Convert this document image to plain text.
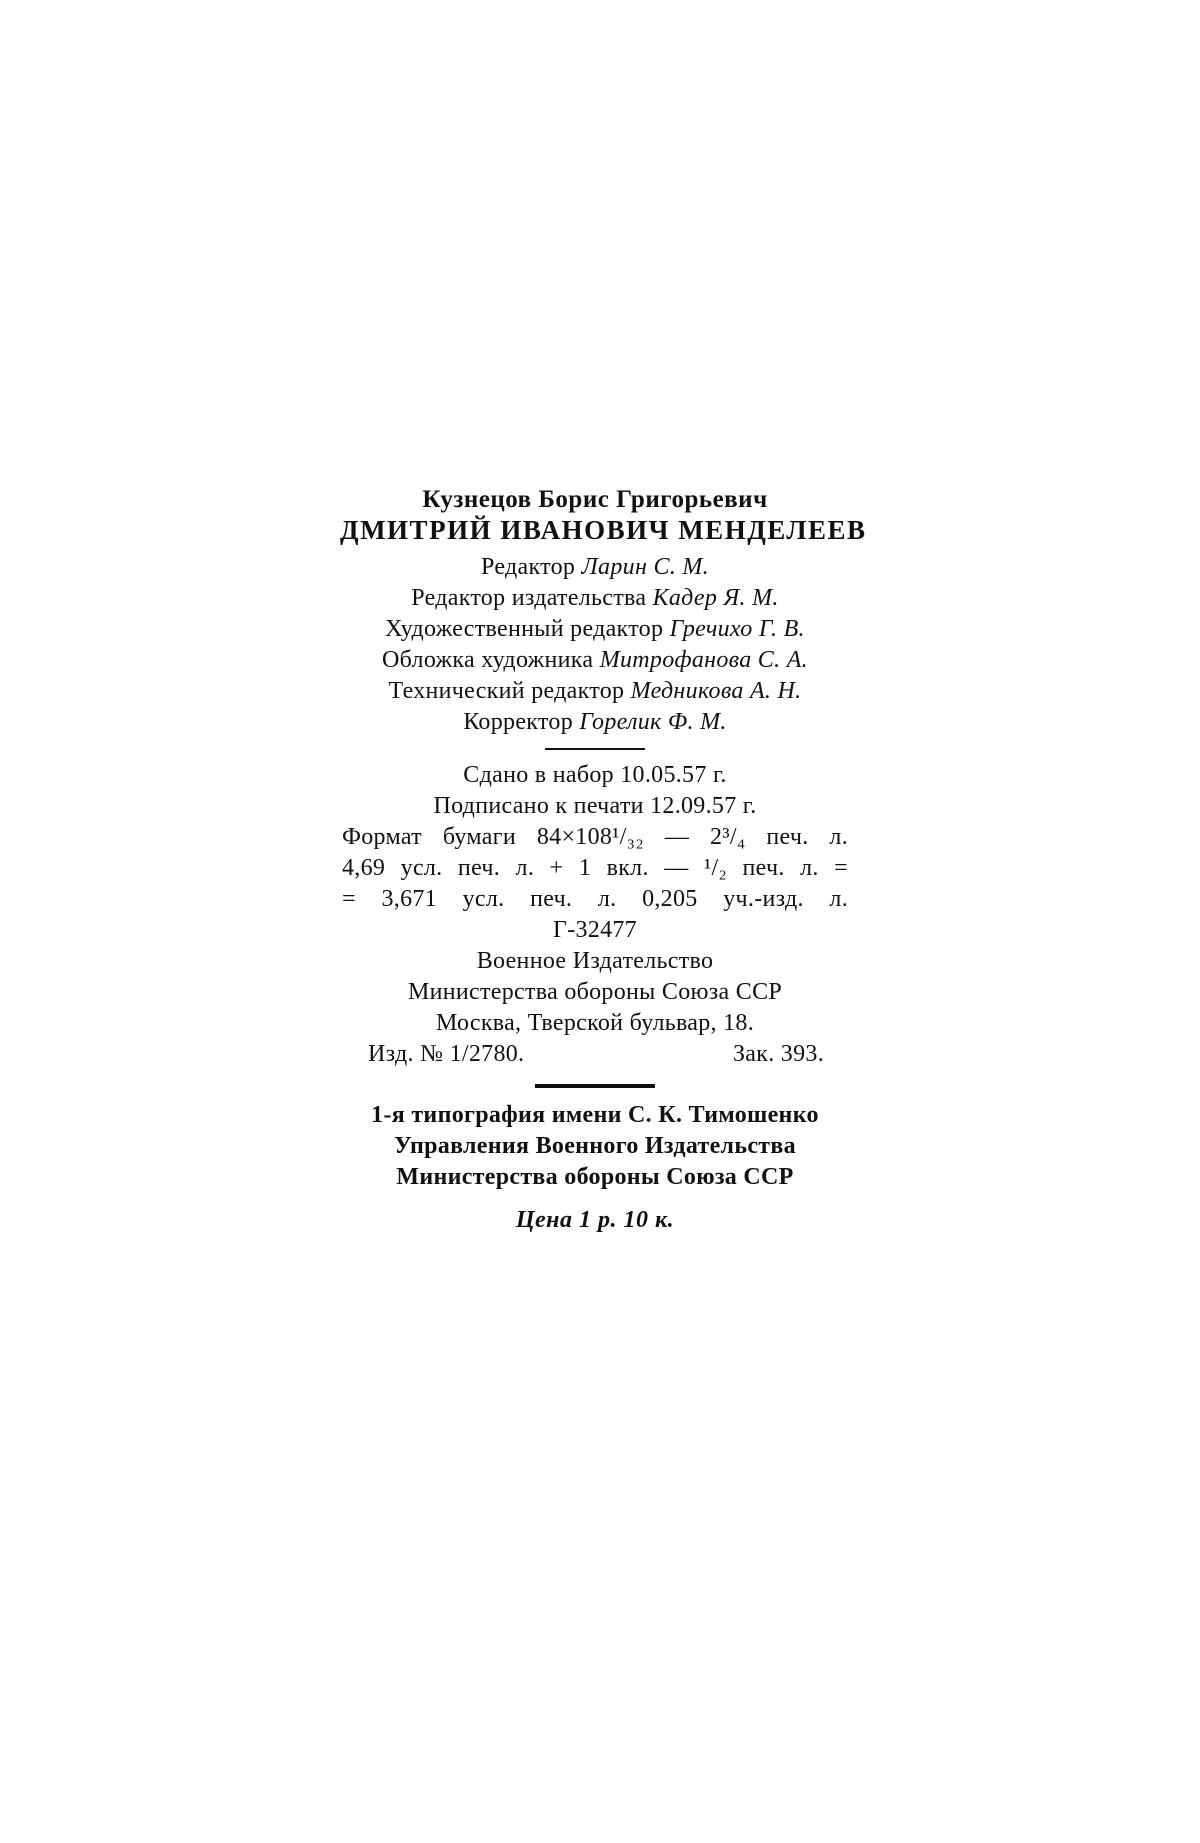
Кузнецов Борис Григорьевич
ДМИТРИЙ ИВАНОВИЧ МЕНДЕЛЕЕВ
Редактор Ларин С. М.
Редактор издательства Кадер Я. М.
Художественный редактор Гречихо Г. В.
Обложка художника Митрофанова С. А.
Технический редактор Медникова А. Н.
Корректор Горелик Ф. М.
Сдано в набор 10.05.57 г.
Подписано к печати 12.09.57 г.
Формат бумаги 84×108¹/₃₂ — 2³/₄ печ. л.
4,69 усл. печ. л. + 1 вкл. — ¹/₂ печ. л. =
= 3,671 усл. печ. л. 0,205 уч.-изд. л.
Г-32477
Военное Издательство
Министерства обороны Союза ССР
Москва, Тверской бульвар, 18.
Изд. № 1/2780.	Зак. 393.
1-я типография имени С. К. Тимошенко
Управления Военного Издательства
Министерства обороны Союза ССР
Цена 1 р. 10 к.
